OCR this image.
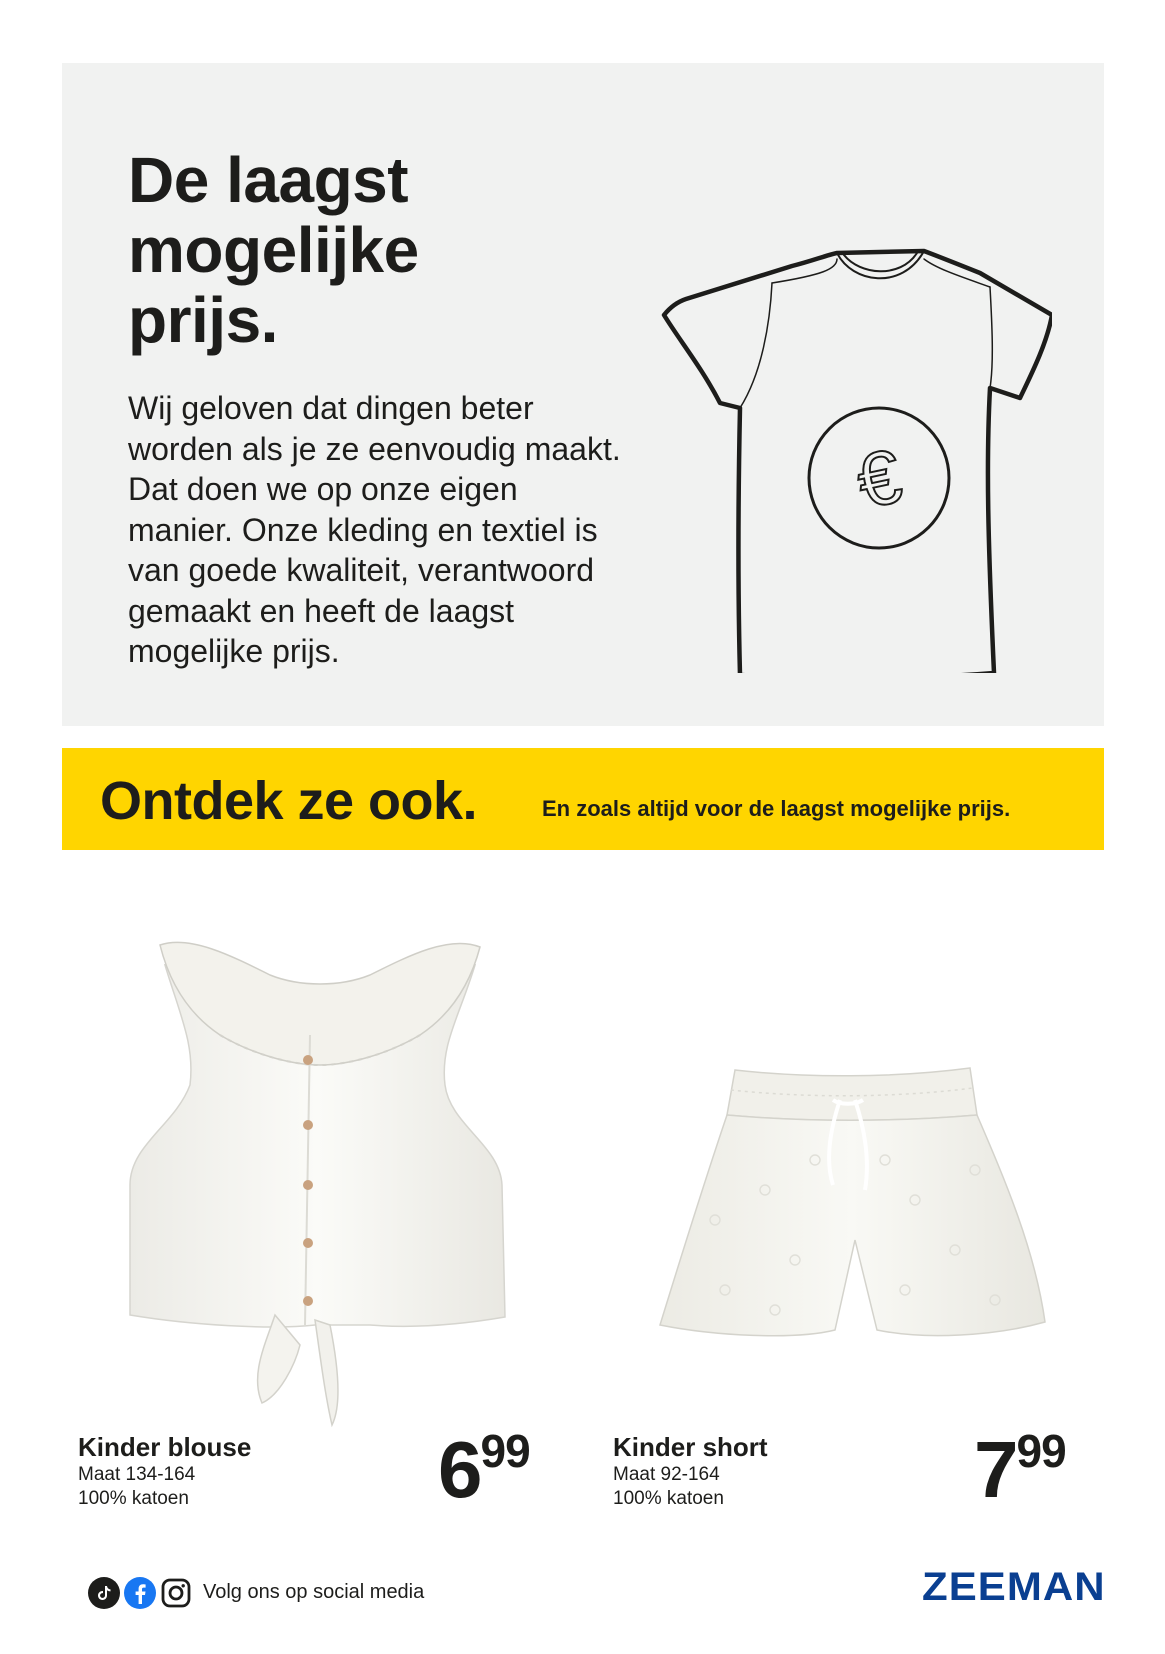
De laagst
mogelijke
prijs.

Wij geloven dat dingen beter
worden als je ze eenvoudig maakt.
Dat doen we op onze eigen
manier. Onze kleding en textiel is
van goede kwaliteit, verantwoord
gemaakt en heeft de laagst
mogelijke prijs.

€
Ontdek ze ook.	En zoals altijd voor de laagst mogelijke prijs.
Kinder blouse
Maat 134-164
100% katoen	699	Kinder short
Maat 92-164
100% katoen	799
Volg ons op social media	ZEEMAN
